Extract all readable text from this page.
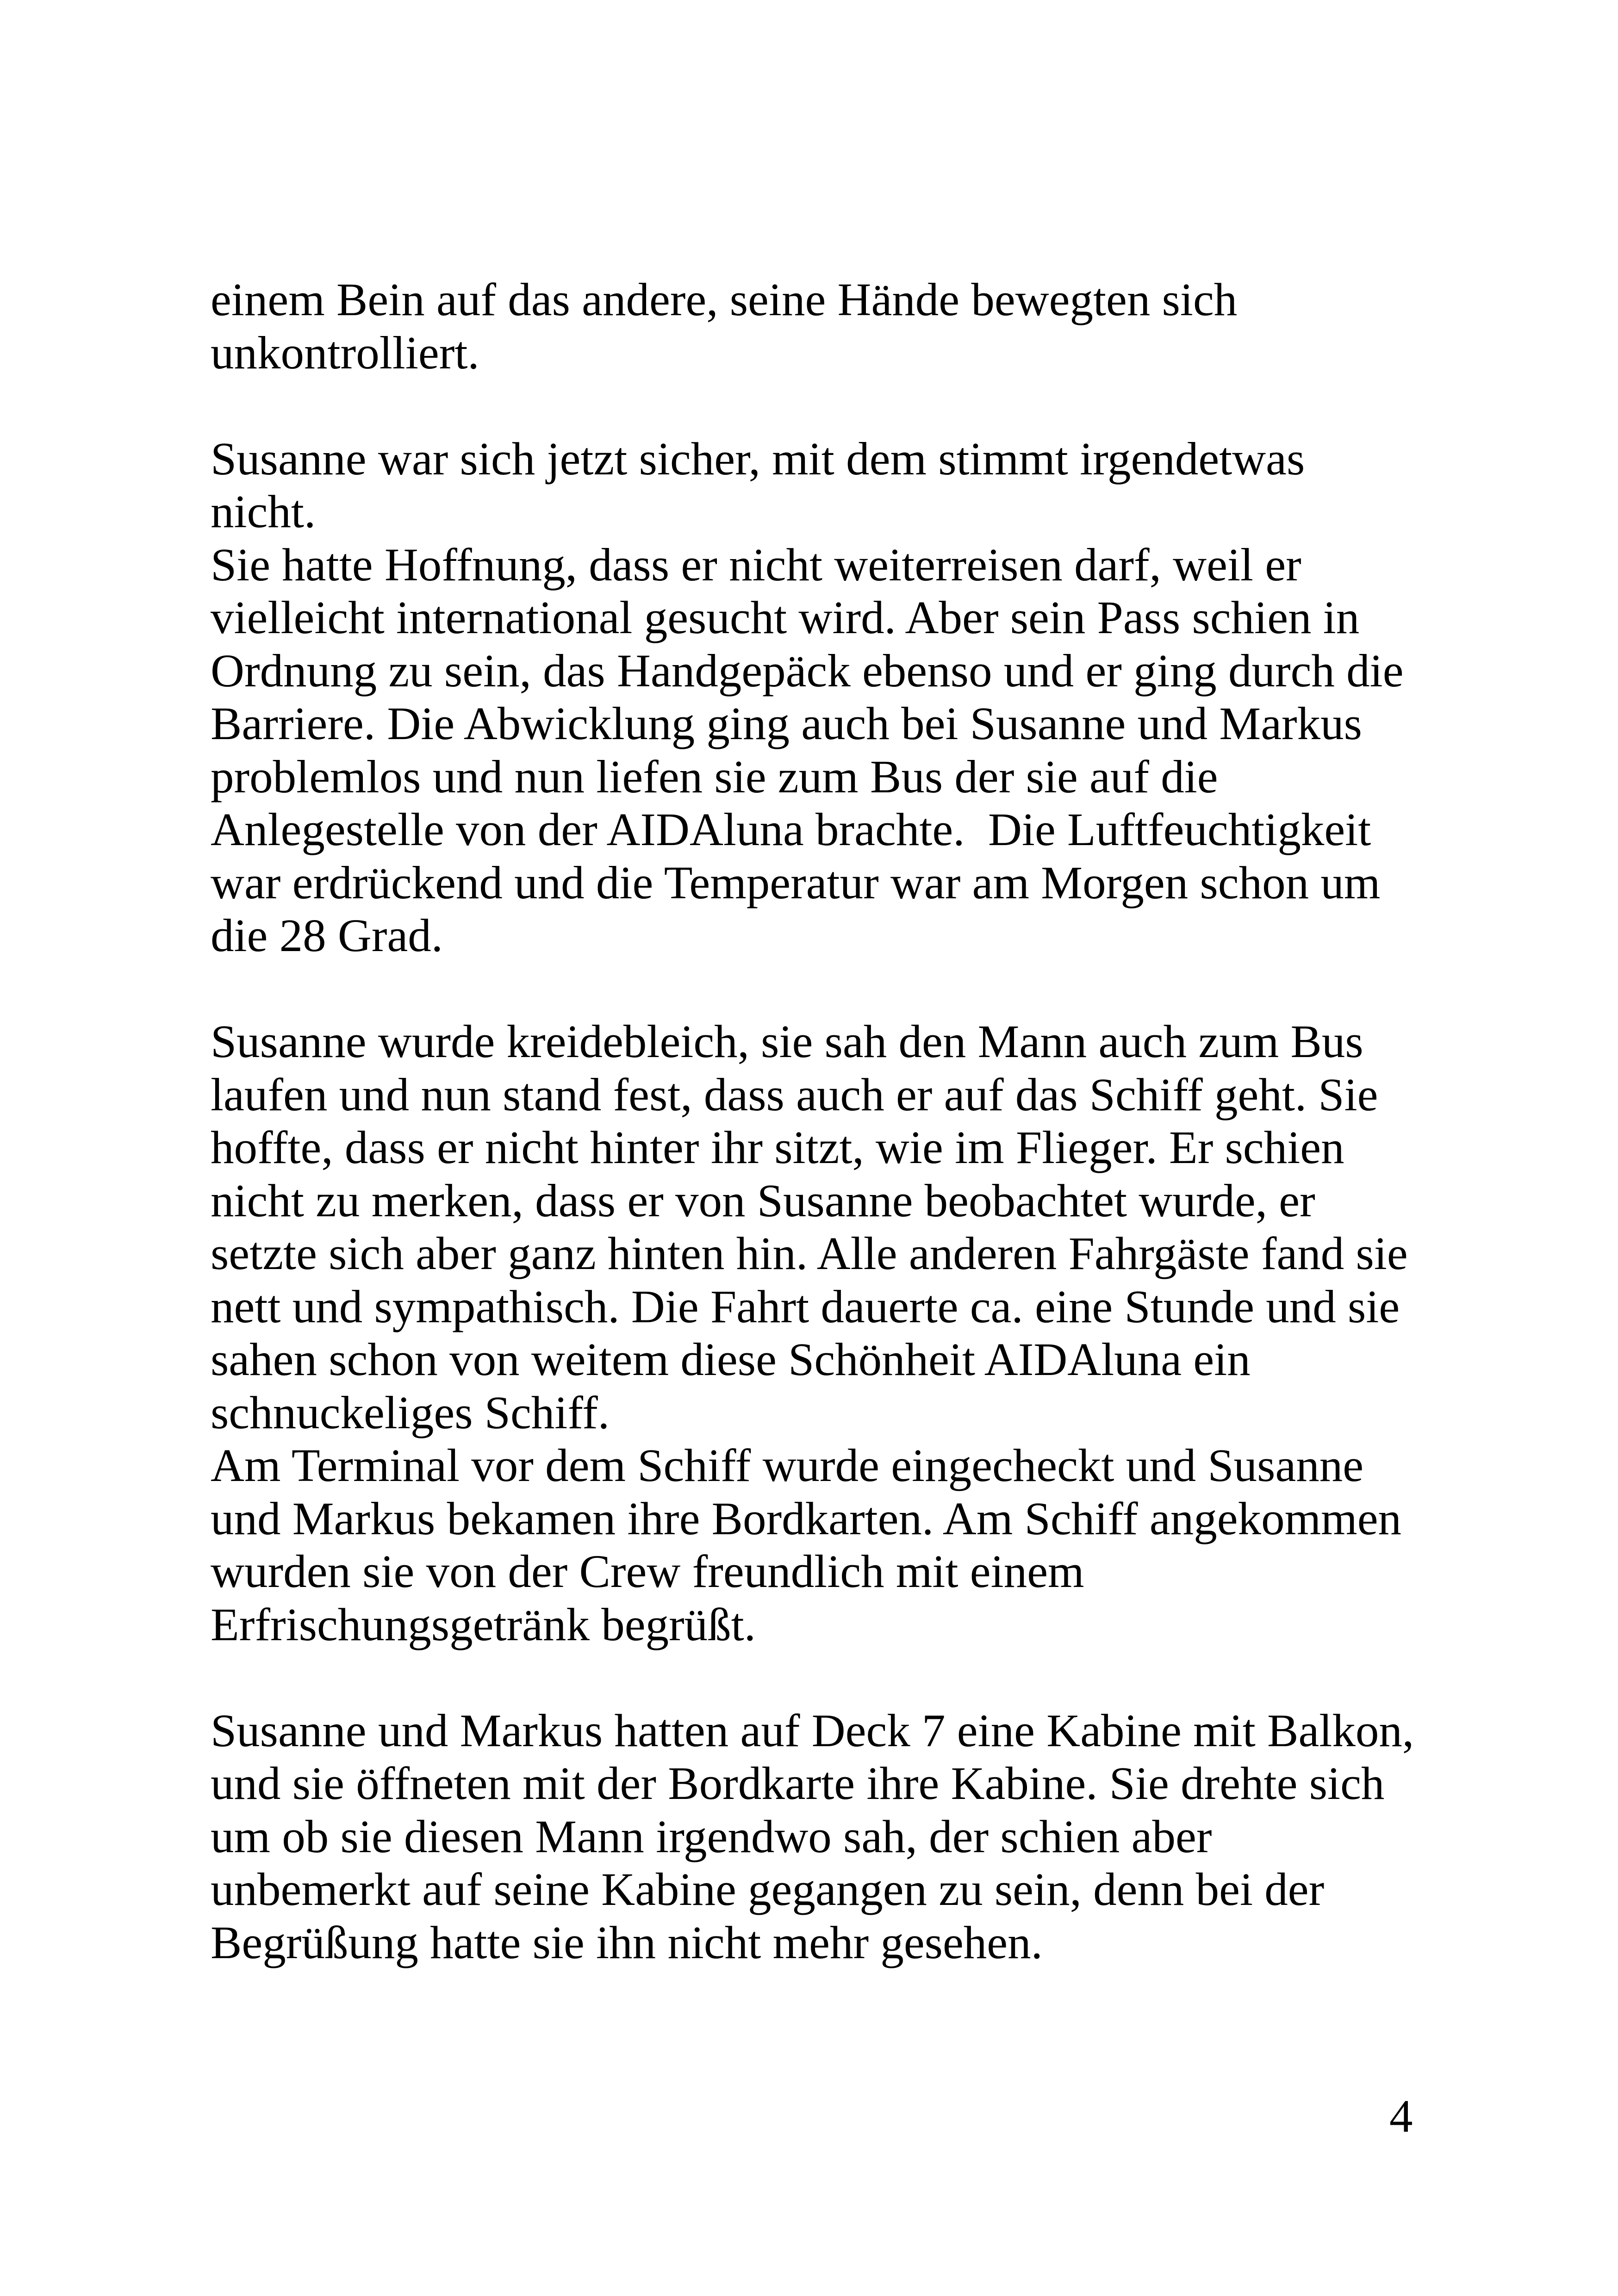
einem Bein auf das andere, seine Hände bewegten sich
unkontrolliert.
Susanne war sich jetzt sicher, mit dem stimmt irgendetwas
nicht.
Sie hatte Hoffnung, dass er nicht weiterreisen darf, weil er
vielleicht international gesucht wird. Aber sein Pass schien in
Ordnung zu sein, das Handgepäck ebenso und er ging durch die
Barriere. Die Abwicklung ging auch bei Susanne und Markus
problemlos und nun liefen sie zum Bus der sie auf die
Anlegestelle von der AIDAluna brachte.  Die Luftfeuchtigkeit
war erdrückend und die Temperatur war am Morgen schon um
die 28 Grad.
Susanne wurde kreidebleich, sie sah den Mann auch zum Bus
laufen und nun stand fest, dass auch er auf das Schiff geht. Sie
hoffte, dass er nicht hinter ihr sitzt, wie im Flieger. Er schien
nicht zu merken, dass er von Susanne beobachtet wurde, er
setzte sich aber ganz hinten hin. Alle anderen Fahrgäste fand sie
nett und sympathisch. Die Fahrt dauerte ca. eine Stunde und sie
sahen schon von weitem diese Schönheit AIDAluna ein
schnuckeliges Schiff.
Am Terminal vor dem Schiff wurde eingecheckt und Susanne
und Markus bekamen ihre Bordkarten. Am Schiff angekommen
wurden sie von der Crew freundlich mit einem
Erfrischungsgetränk begrüßt.
Susanne und Markus hatten auf Deck 7 eine Kabine mit Balkon,
und sie öffneten mit der Bordkarte ihre Kabine. Sie drehte sich
um ob sie diesen Mann irgendwo sah, der schien aber
unbemerkt auf seine Kabine gegangen zu sein, denn bei der
Begrüßung hatte sie ihn nicht mehr gesehen.
4
